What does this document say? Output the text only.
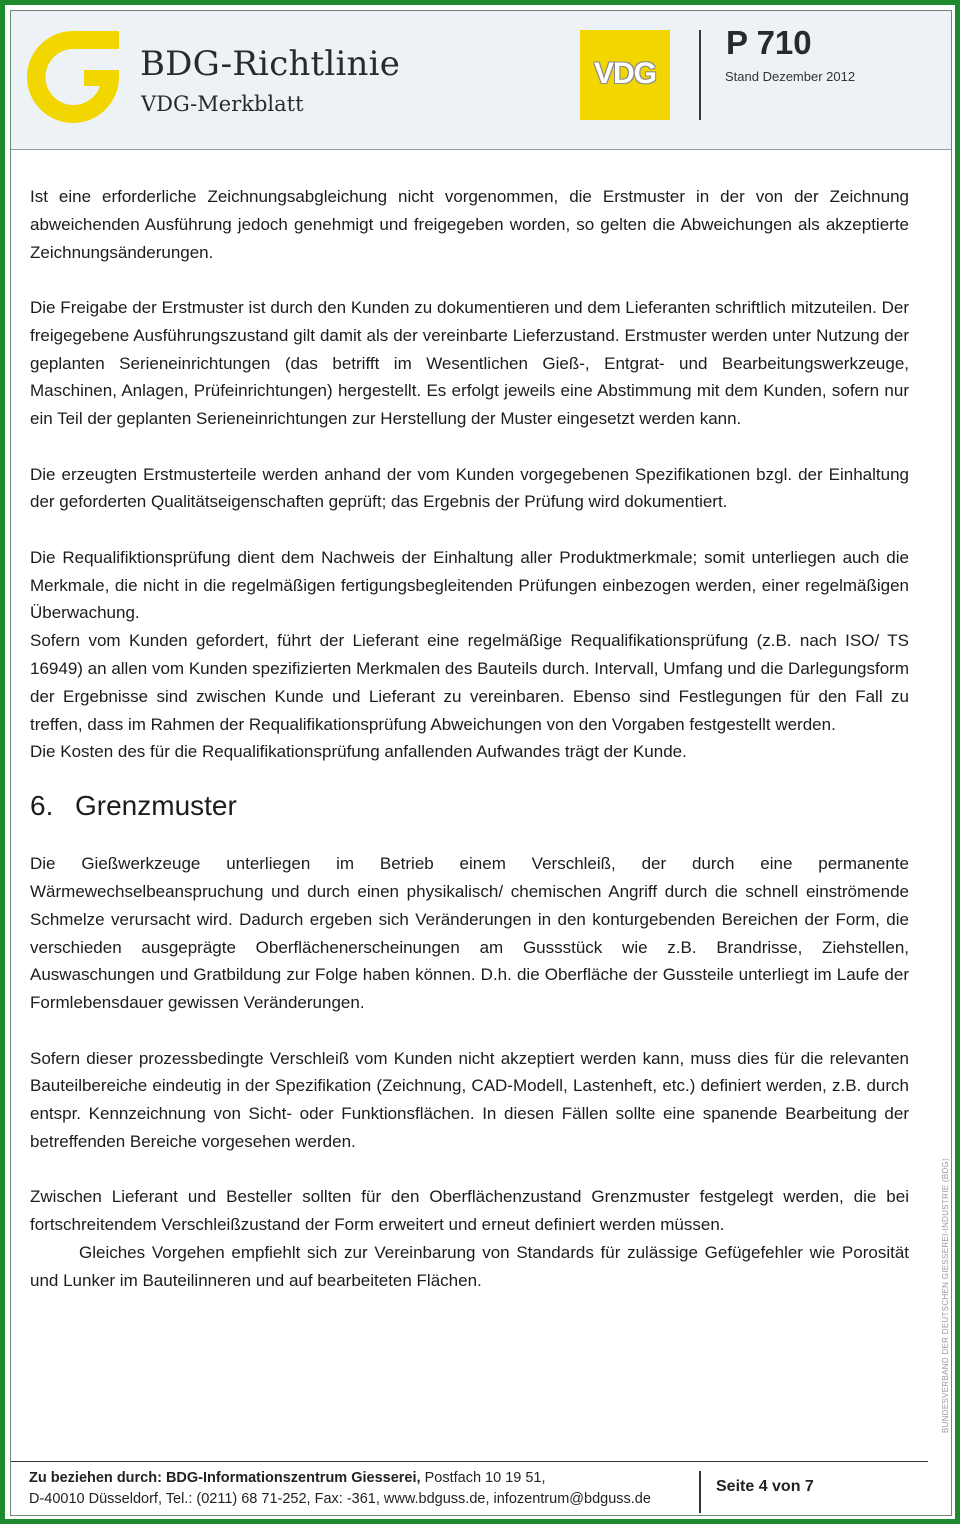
BDG-Richtlinie
VDG-Merkblatt
VDG
P 710
Stand Dezember 2012

Ist eine erforderliche Zeichnungsabgleichung nicht vorgenommen, die Erstmuster in der von der Zeichnung abweichenden Ausführung jedoch genehmigt und freigegeben worden, so gelten die Abweichungen als akzeptierte Zeichnungsänderungen.

Die Freigabe der Erstmuster ist durch den Kunden zu dokumentieren und dem Lieferanten schriftlich mitzuteilen. Der freigegebene Ausführungszustand gilt damit als der vereinbarte Lieferzustand. Erstmuster werden unter Nutzung der geplanten Serieneinrichtungen (das betrifft im Wesentlichen Gieß-, Entgrat- und Bearbeitungswerkzeuge, Maschinen, Anlagen, Prüfeinrichtungen) hergestellt. Es erfolgt jeweils eine Abstimmung mit dem Kunden, sofern nur ein Teil der geplanten Serieneinrichtungen zur Herstellung der Muster eingesetzt werden kann.

Die erzeugten Erstmusterteile werden anhand der vom Kunden vorgegebenen Spezifikationen bzgl. der Einhaltung der geforderten Qualitätseigenschaften geprüft; das Ergebnis der Prüfung wird dokumentiert.

Die Requalifiktionsprüfung dient dem Nachweis der Einhaltung aller Produktmerkmale; somit unterliegen auch die Merkmale, die nicht in die regelmäßigen fertigungsbegleitenden Prüfungen einbezogen werden, einer regelmäßigen Überwachung.

Sofern vom Kunden gefordert, führt der Lieferant eine regelmäßige Requalifikationsprüfung (z.B. nach ISO/ TS 16949) an allen vom Kunden spezifizierten Merkmalen des Bauteils durch. Intervall, Umfang und die Darlegungsform der Ergebnisse sind zwischen Kunde und Lieferant zu vereinbaren. Ebenso sind Festlegungen für den Fall zu treffen, dass im Rahmen der Requalifikationsprüfung Abweichungen von den Vorgaben festgestellt werden.

Die Kosten des für die Requalifikationsprüfung anfallenden Aufwandes trägt der Kunde.

6. Grenzmuster

Die Gießwerkzeuge unterliegen im Betrieb einem Verschleiß, der durch eine permanente Wärmewechselbeanspruchung und durch einen physikalisch/ chemischen Angriff durch die schnell einströmende Schmelze verursacht wird. Dadurch ergeben sich Veränderungen in den konturgebenden Bereichen der Form, die verschieden ausgeprägte Oberflächenerscheinungen am Gussstück wie z.B. Brandrisse, Ziehstellen, Auswaschungen und Gratbildung zur Folge haben können. D.h. die Oberfläche der Gussteile unterliegt im Laufe der Formlebensdauer gewissen Veränderungen.

Sofern dieser prozessbedingte Verschleiß vom Kunden nicht akzeptiert werden kann, muss dies für die relevanten Bauteilbereiche eindeutig in der Spezifikation (Zeichnung, CAD-Modell, Lastenheft, etc.) definiert werden, z.B. durch entspr. Kennzeichnung von Sicht- oder Funktionsflächen. In diesen Fällen sollte eine spanende Bearbeitung der betreffenden Bereiche vorgesehen werden.

Zwischen Lieferant und Besteller sollten für den Oberflächenzustand Grenzmuster festgelegt werden, die bei fortschreitendem Verschleißzustand der Form erweitert und erneut definiert werden müssen.

Gleiches Vorgehen empfiehlt sich zur Vereinbarung von Standards für zulässige Gefügefehler wie Porosität und Lunker im Bauteilinneren und auf bearbeiteten Flächen.	BUNDESVERBAND DER DEUTSCHEN GIESSEREI-INDUSTRIE (BDG)
Zu beziehen durch: BDG-Informationszentrum Giesserei, Postfach 10 19 51,
D-40010 Düsseldorf, Tel.: (0211) 68 71-252, Fax: -361, www.bdguss.de, infozentrum@bdguss.de
Seite 4 von 7
